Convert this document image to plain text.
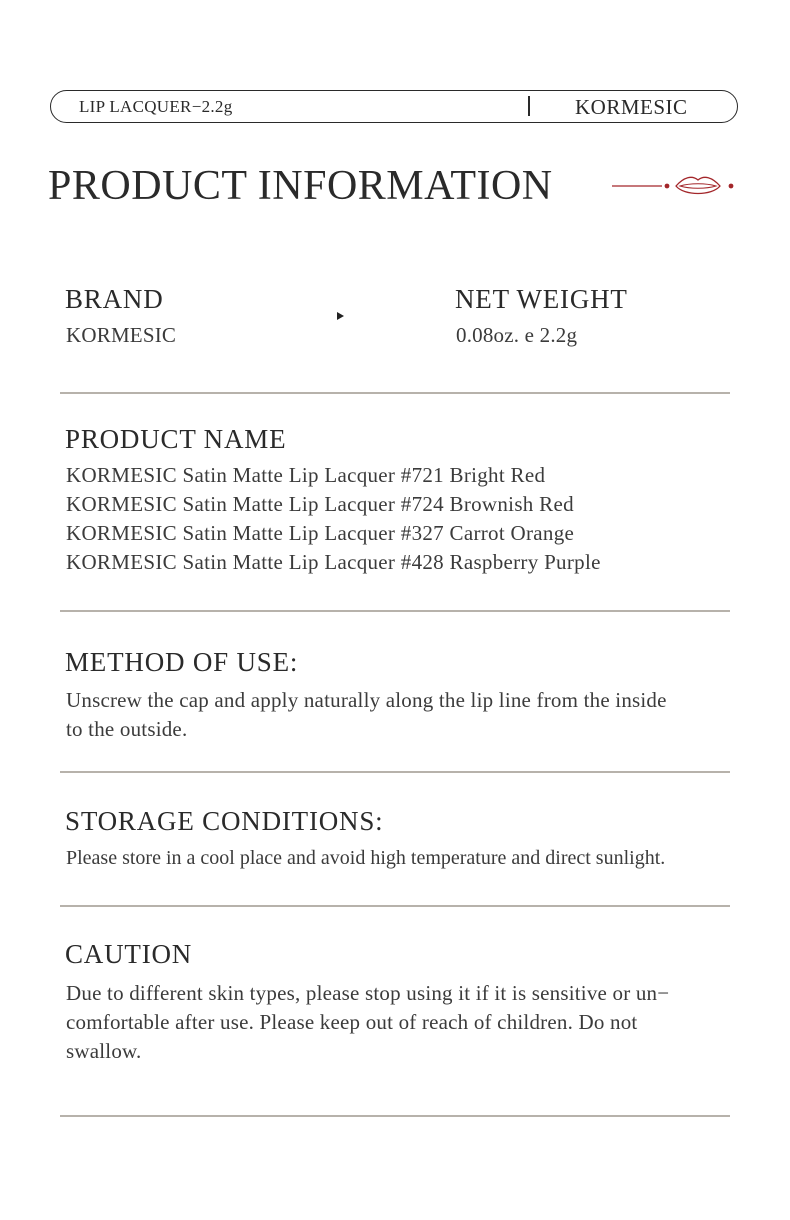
LIP LACQUER−2.2g	KORMESIC
PRODUCT INFORMATION
BRAND
KORMESIC
NET WEIGHT
0.08oz. e 2.2g
PRODUCT NAME
KORMESIC Satin Matte Lip Lacquer #721 Bright Red
KORMESIC Satin Matte Lip Lacquer #724 Brownish Red
KORMESIC Satin Matte Lip Lacquer #327 Carrot Orange
KORMESIC Satin Matte Lip Lacquer #428 Raspberry Purple
METHOD OF USE:
Unscrew the cap and apply naturally along the lip line from the inside
to the outside.
STORAGE CONDITIONS:
Please store in a cool place and avoid high temperature and direct sunlight.
CAUTION
Due to different skin types, please stop using it if it is sensitive or un−
comfortable after use. Please keep out of reach of children. Do not
swallow.
